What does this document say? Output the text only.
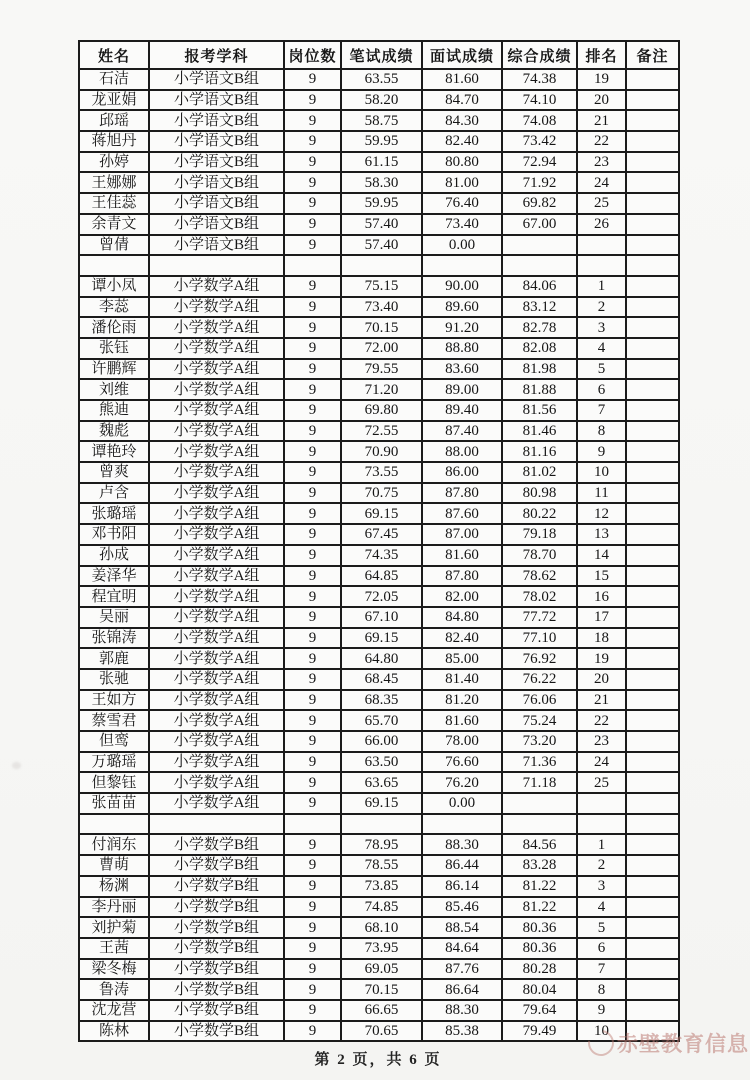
姓名	报考学科	岗位数	笔试成绩	面试成绩	综合成绩	排名	备注
石洁	小学语文B组	9	63.55	81.60	74.38	19	
龙亚娟	小学语文B组	9	58.20	84.70	74.10	20	
邱瑶	小学语文B组	9	58.75	84.30	74.08	21	
蒋旭丹	小学语文B组	9	59.95	82.40	73.42	22	
孙婷	小学语文B组	9	61.15	80.80	72.94	23	
王娜娜	小学语文B组	9	58.30	81.00	71.92	24	
王佳蕊	小学语文B组	9	59.95	76.40	69.82	25	
余青文	小学语文B组	9	57.40	73.40	67.00	26	
曾倩	小学语文B组	9	57.40	0.00			

谭小凤	小学数学A组	9	75.15	90.00	84.06	1	
李蕊	小学数学A组	9	73.40	89.60	83.12	2	
潘伦雨	小学数学A组	9	70.15	91.20	82.78	3	
张钰	小学数学A组	9	72.00	88.80	82.08	4	
许鹏辉	小学数学A组	9	79.55	83.60	81.98	5	
刘维	小学数学A组	9	71.20	89.00	81.88	6	
熊迪	小学数学A组	9	69.80	89.40	81.56	7	
魏彪	小学数学A组	9	72.55	87.40	81.46	8	
谭艳玲	小学数学A组	9	70.90	88.00	81.16	9	
曾爽	小学数学A组	9	73.55	86.00	81.02	10	
卢含	小学数学A组	9	70.75	87.80	80.98	11	
张璐瑶	小学数学A组	9	69.15	87.60	80.22	12	
邓书阳	小学数学A组	9	67.45	87.00	79.18	13	
孙成	小学数学A组	9	74.35	81.60	78.70	14	
姜泽华	小学数学A组	9	64.85	87.80	78.62	15	
程宜明	小学数学A组	9	72.05	82.00	78.02	16	
吴丽	小学数学A组	9	67.10	84.80	77.72	17	
张锦涛	小学数学A组	9	69.15	82.40	77.10	18	
郭鹿	小学数学A组	9	64.80	85.00	76.92	19	
张驰	小学数学A组	9	68.45	81.40	76.22	20	
王如方	小学数学A组	9	68.35	81.20	76.06	21	
蔡雪君	小学数学A组	9	65.70	81.60	75.24	22	
但鸾	小学数学A组	9	66.00	78.00	73.20	23	
万璐瑶	小学数学A组	9	63.50	76.60	71.36	24	
但黎钰	小学数学A组	9	63.65	76.20	71.18	25	
张苗苗	小学数学A组	9	69.15	0.00			

付润东	小学数学B组	9	78.95	88.30	84.56	1	
曹萌	小学数学B组	9	78.55	86.44	83.28	2	
杨渊	小学数学B组	9	73.85	86.14	81.22	3	
李丹丽	小学数学B组	9	74.85	85.46	81.22	4	
刘护菊	小学数学B组	9	68.10	88.54	80.36	5	
王茜	小学数学B组	9	73.95	84.64	80.36	6	
梁冬梅	小学数学B组	9	69.05	87.76	80.28	7	
鲁涛	小学数学B组	9	70.15	86.64	80.04	8	
沈龙营	小学数学B组	9	66.65	88.30	79.64	9	
陈林	小学数学B组	9	70.65	85.38	79.49	10	
第 2 页，共 6 页
赤壁教育信息
